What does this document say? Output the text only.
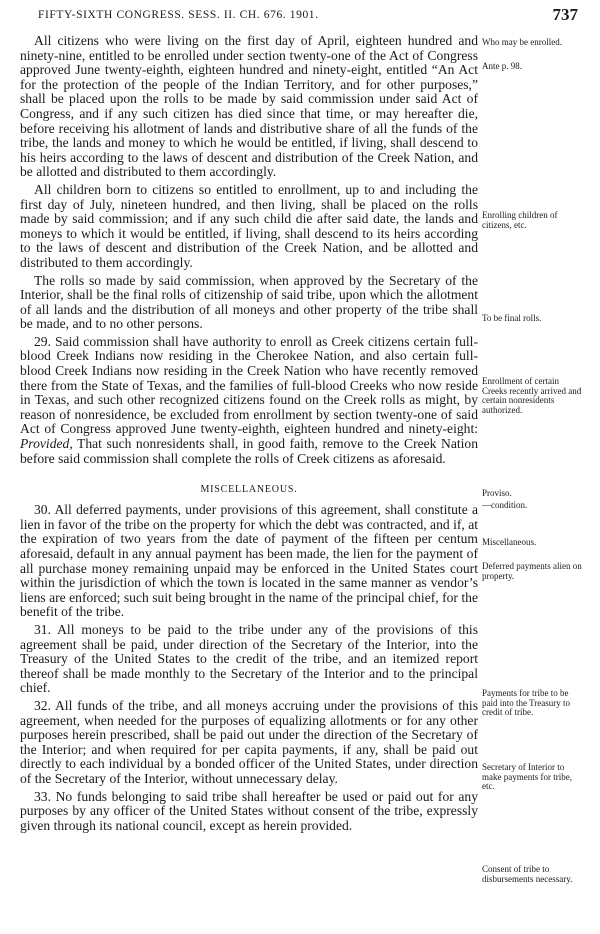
FIFTY-SIXTH CONGRESS. SESS. II. CH. 676. 1901.	737

All citizens who were living on the first day of April, eighteen hundred and ninety-nine, entitled to be enrolled under section twenty-one of the Act of Congress approved June twenty-eighth, eighteen hundred and ninety-eight, entitled “An Act for the protection of the people of the Indian Territory, and for other purposes,” shall be placed upon the rolls to be made by said commission under said Act of Congress, and if any such citizen has died since that time, or may hereafter die, before receiving his allotment of lands and distributive share of all the funds of the tribe, the lands and money to which he would be entitled, if living, shall descend to his heirs according to the laws of descent and distribution of the Creek Nation, and be allotted and distributed to them accordingly.

All children born to citizens so entitled to enrollment, up to and including the first day of July, nineteen hundred, and then living, shall be placed on the rolls made by said commission; and if any such child die after said date, the lands and moneys to which it would be entitled, if living, shall descend to its heirs according to the laws of descent and distribution of the Creek Nation, and be allotted and distributed to them accordingly.

The rolls so made by said commission, when approved by the Secretary of the Interior, shall be the final rolls of citizenship of said tribe, upon which the allotment of all lands and the distribution of all moneys and other property of the tribe shall be made, and to no other persons.

29. Said commission shall have authority to enroll as Creek citizens certain full-blood Creek Indians now residing in the Cherokee Nation, and also certain full-blood Creek Indians now residing in the Creek Nation who have recently removed there from the State of Texas, and the families of full-blood Creeks who now reside in Texas, and such other recognized citizens found on the Creek rolls as might, by reason of nonresidence, be excluded from enrollment by section twenty-one of said Act of Congress approved June twenty-eighth, eighteen hundred and ninety-eight: Provided, That such nonresidents shall, in good faith, remove to the Creek Nation before said commission shall complete the rolls of Creek citizens as aforesaid.

MISCELLANEOUS.

30. All deferred payments, under provisions of this agreement, shall constitute a lien in favor of the tribe on the property for which the debt was contracted, and if, at the expiration of two years from the date of payment of the fifteen per centum aforesaid, default in any annual payment has been made, the lien for the payment of all purchase money remaining unpaid may be enforced in the United States court within the jurisdiction of which the town is located in the same manner as vendor’s liens are enforced; such suit being brought in the name of the principal chief, for the benefit of the tribe.

31. All moneys to be paid to the tribe under any of the provisions of this agreement shall be paid, under direction of the Secretary of the Interior, into the Treasury of the United States to the credit of the tribe, and an itemized report thereof shall be made monthly to the Secretary of the Interior and to the principal chief.

32. All funds of the tribe, and all moneys accruing under the provisions of this agreement, when needed for the purposes of equalizing allotments or for any other purposes herein prescribed, shall be paid out under the direction of the Secretary of the Interior; and when required for per capita payments, if any, shall be paid out directly to each individual by a bonded officer of the United States, under direction of the Secretary of the Interior, without unnecessary delay.

33. No funds belonging to said tribe shall hereafter be used or paid out for any purposes by any officer of the United States without consent of the tribe, expressly given through its national council, except as herein provided.

Who may be enrolled.
Ante p. 98.
Enrolling children of citizens, etc.
To be final rolls.
Enrollment of certain Creeks recently arrived and certain nonresidents authorized.
Proviso.
—condition.
Miscellaneous.
Deferred payments alien on property.
Payments for tribe to be paid into the Treasury to credit of tribe.
Secretary of Interior to make payments for tribe, etc.
Consent of tribe to disbursements necessary.
